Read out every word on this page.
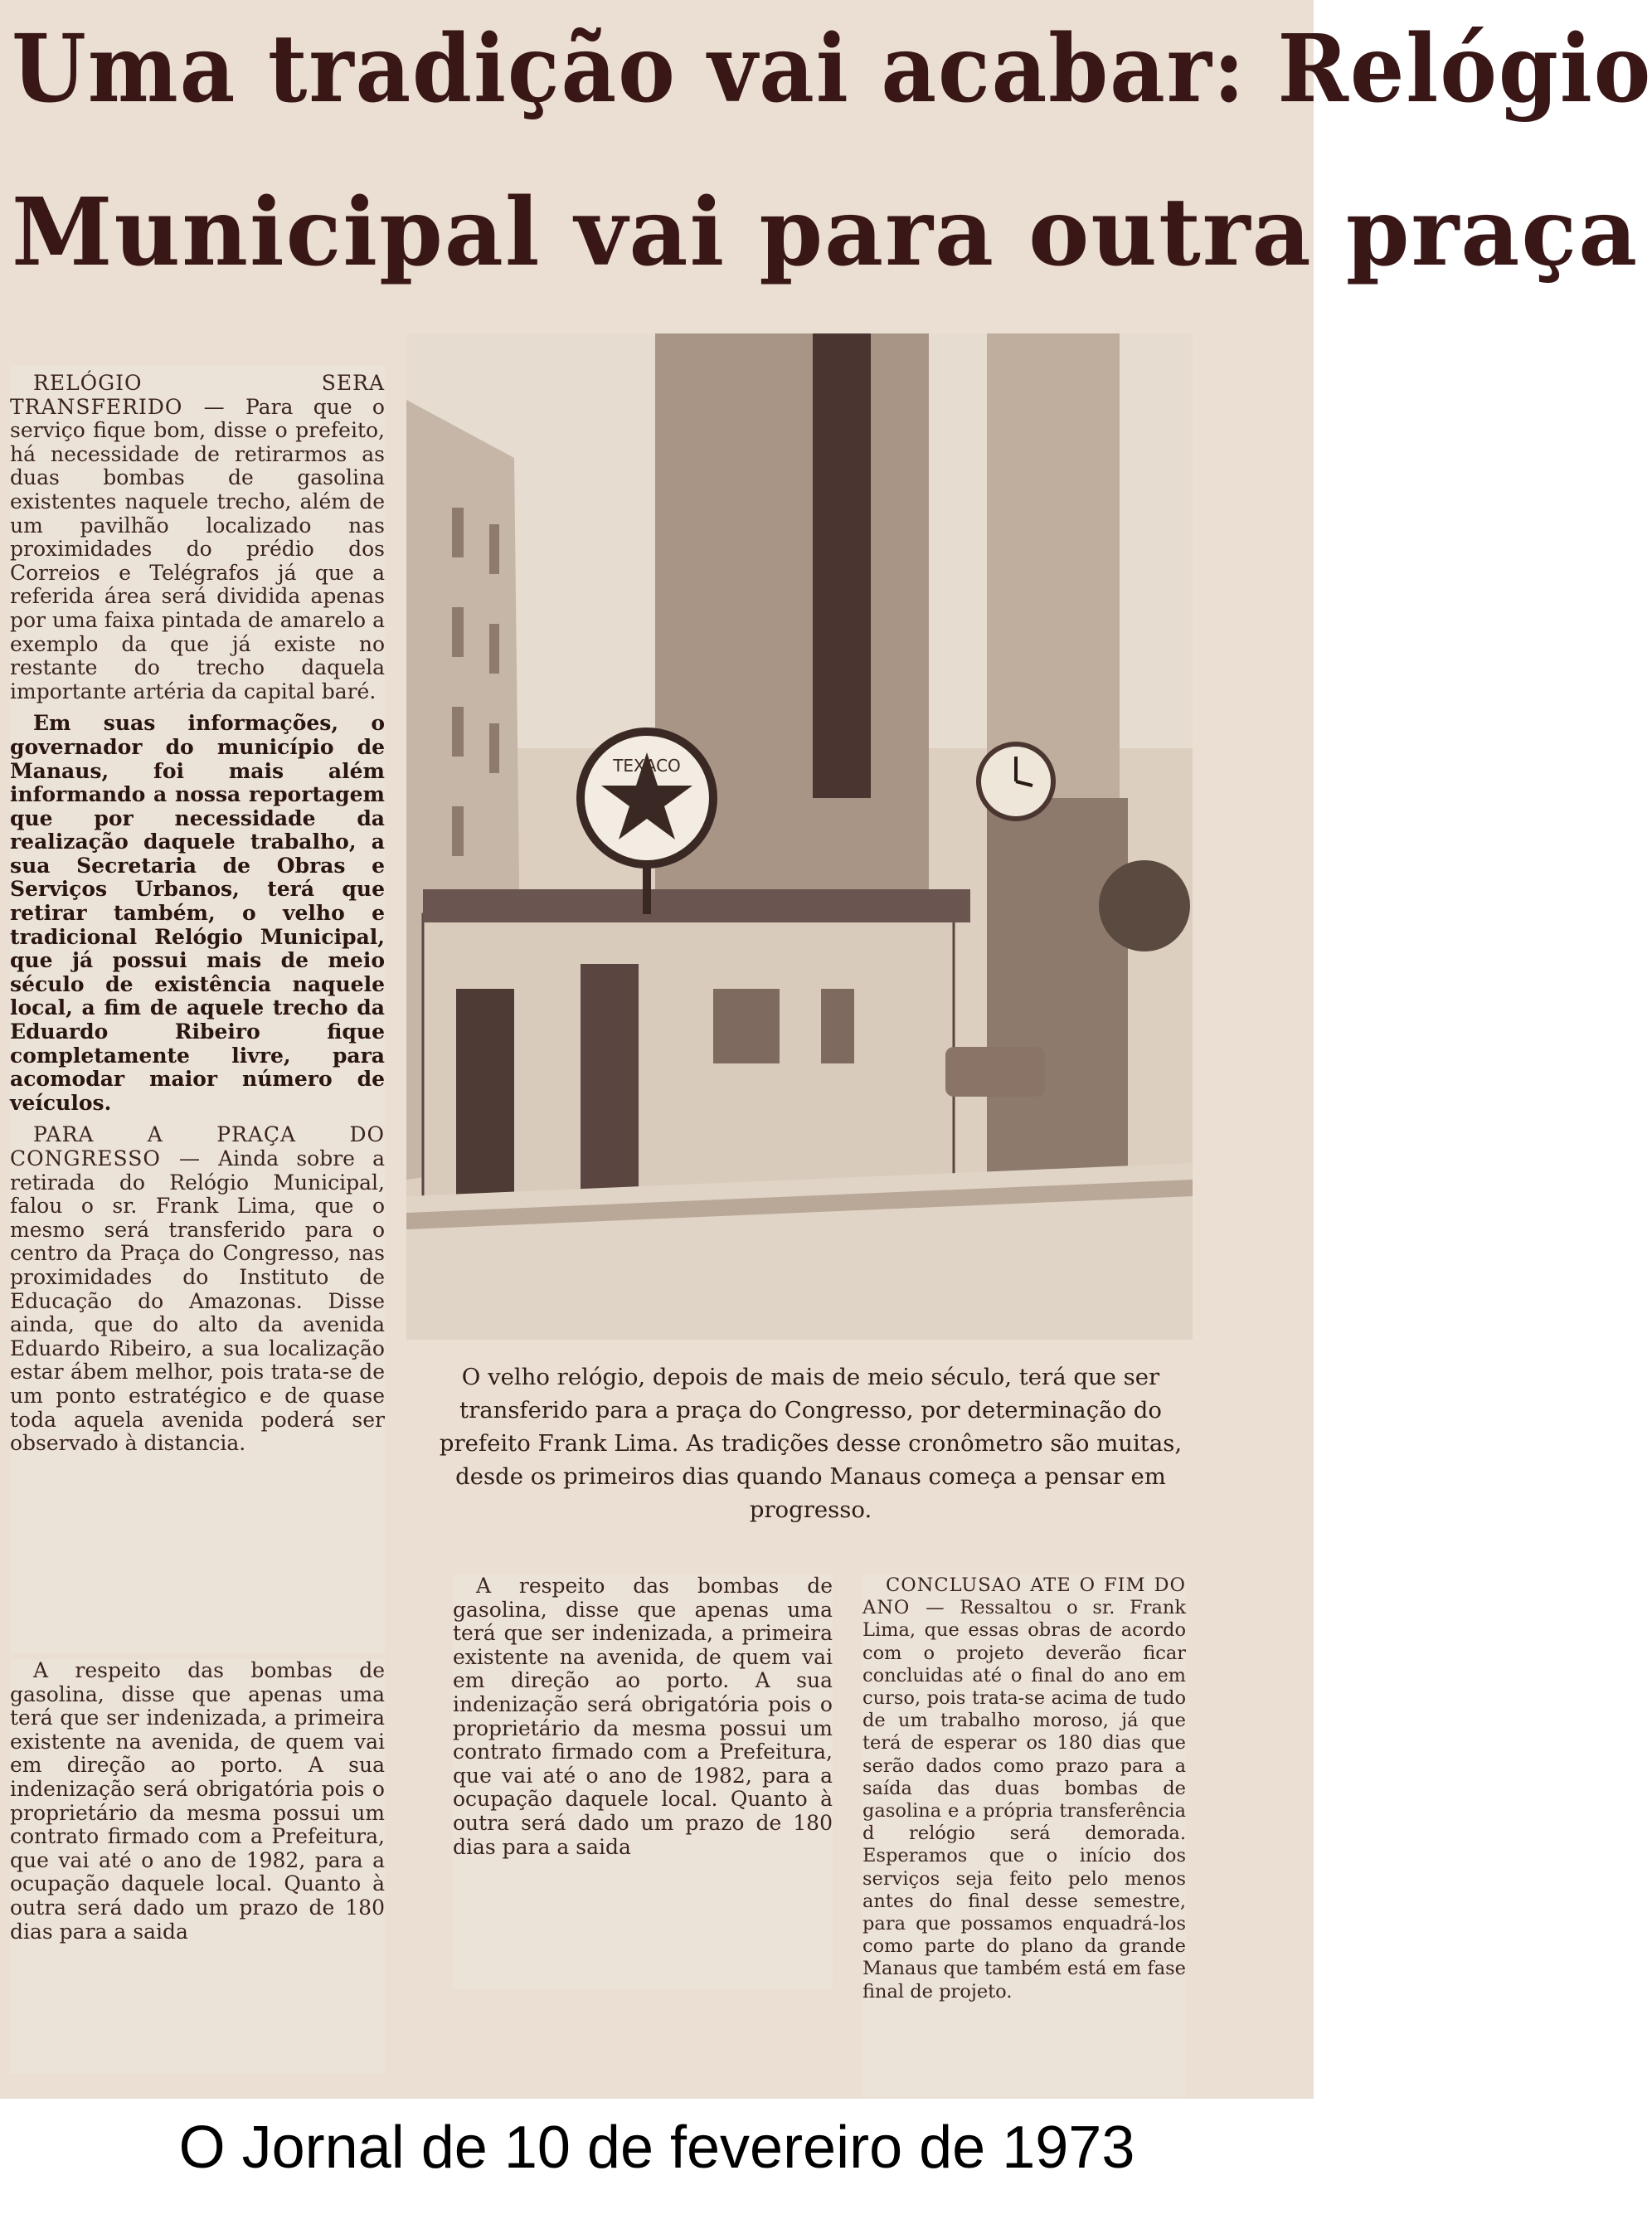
Uma tradição vai acabar: Relógio
Municipal vai para outra praça

RELÓGIO SERA TRANSFERIDO — Para que o serviço fique bom, disse o prefeito, há necessidade de retirarmos as duas bombas de gasolina existentes naquele trecho, além de um pavilhão localizado nas proximidades do prédio dos Correios e Telégrafos já que a referida área será dividida apenas por uma faixa pintada de amarelo a exemplo da que já existe no restante do trecho daquela importante artéria da capital baré.

Em suas informações, o governador do município de Manaus, foi mais além informando a nossa reportagem que por necessidade da realização daquele trabalho, a sua Secretaria de Obras e Serviços Urbanos, terá que retirar também, o velho e tradicional Relógio Municipal, que já possui mais de meio século de existência naquele local, a fim de aquele trecho da Eduardo Ribeiro fique completamente livre, para acomodar maior número de veículos.

PARA A PRAÇA DO CONGRESSO — Ainda sobre a retirada do Relógio Municipal, falou o sr. Frank Lima, que o mesmo será transferido para o centro da Praça do Congresso, nas proximidades do Instituto de Educação do Amazonas. Disse ainda, que do alto da avenida Eduardo Ribeiro, a sua localização estar ábem melhor, pois trata-se de um ponto estratégico e de quase toda aquela avenida poderá ser observado à distancia.

A respeito das bombas de gasolina, disse que apenas uma terá que ser indenizada, a primeira existente na avenida, de quem vai em direção ao porto. A sua indenização será obrigatória pois o proprietário da mesma possui um contrato firmado com a Prefeitura, que vai até o ano de 1982, para a ocupação daquele local. Quanto à outra será dado um prazo de 180 dias para a saida

TEXACO
O velho relógio, depois de mais de meio século, terá que ser transferido para a praça do Congresso, por determinação do prefeito Frank Lima. As tradições desse cronômetro são muitas, desde os primeiros dias quando Manaus começa a pensar em progresso.

A respeito das bombas de gasolina, disse que apenas uma terá que ser indenizada, a primeira existente na avenida, de quem vai em direção ao porto. A sua indenização será obrigatória pois o proprietário da mesma possui um contrato firmado com a Prefeitura, que vai até o ano de 1982, para a ocupação daquele local. Quanto à outra será dado um prazo de 180 dias para a saida

CONCLUSAO ATE O FIM DO ANO — Ressaltou o sr. Frank Lima, que essas obras de acordo com o projeto deverão ficar concluidas até o final do ano em curso, pois trata-se acima de tudo de um trabalho moroso, já que terá de esperar os 180 dias que serão dados como prazo para a saída das duas bombas de gasolina e a própria transferência d relógio será demorada. Esperamos que o início dos serviços seja feito pelo menos antes do final desse semestre, para que possamos enquadrá-los como parte do plano da grande Manaus que também está em fase final de projeto.

O Jornal de 10 de fevereiro de 1973
